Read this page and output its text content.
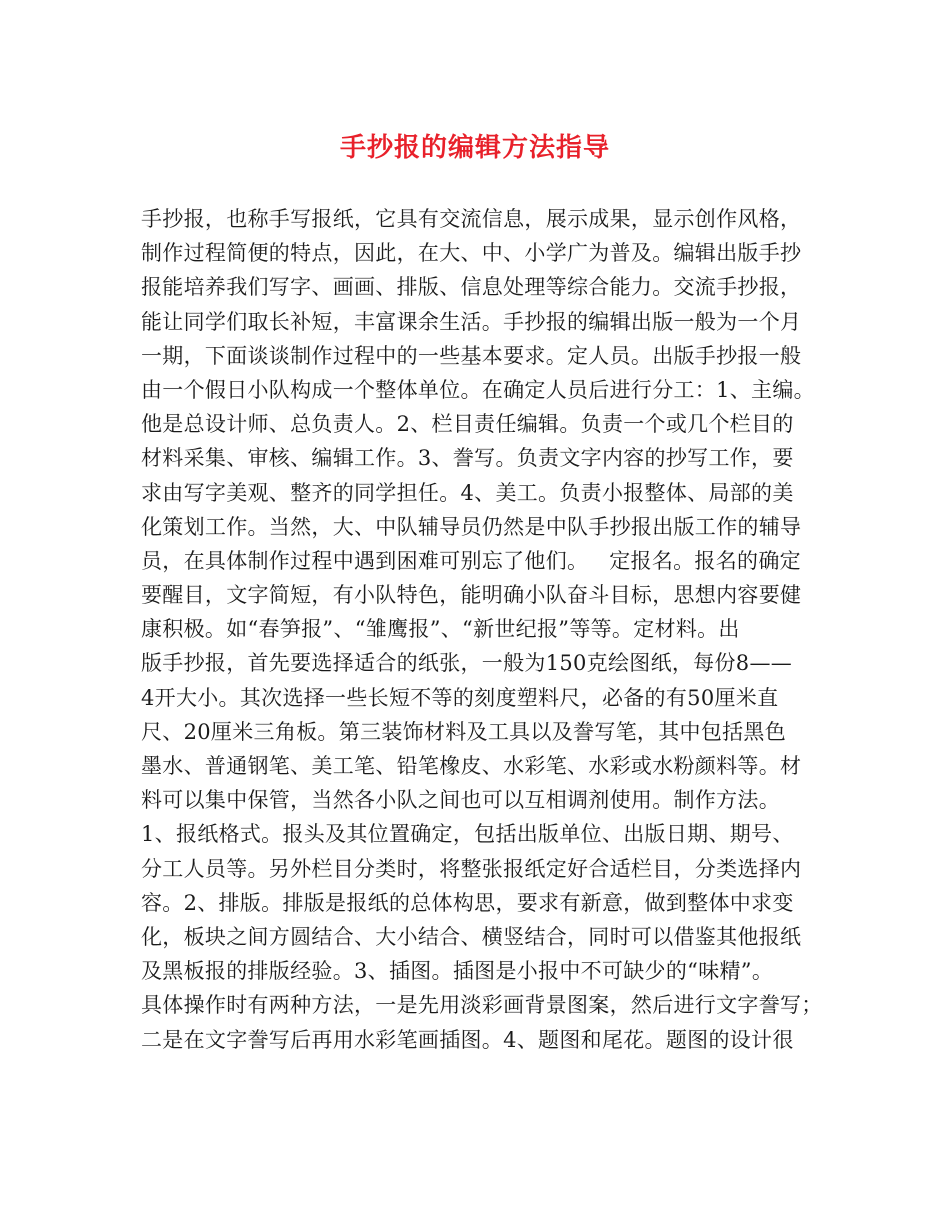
手抄报的编辑方法指导
手抄报，也称手写报纸，它具有交流信息，展示成果，显示创作风格，
制作过程简便的特点，因此，在大、中、小学广为普及。编辑出版手抄
报能培养我们写字、画画、排版、信息处理等综合能力。交流手抄报，
能让同学们取长补短，丰富课余生活。手抄报的编辑出版一般为一个月
一期，下面谈谈制作过程中的一些基本要求。定人员。出版手抄报一般
由一个假日小队构成一个整体单位。在确定人员后进行分工：1、主编。
他是总设计师、总负责人。2、栏目责任编辑。负责一个或几个栏目的
材料采集、审核、编辑工作。3、誊写。负责文字内容的抄写工作，要
求由写字美观、整齐的同学担任。4、美工。负责小报整体、局部的美
化策划工作。当然，大、中队辅导员仍然是中队手抄报出版工作的辅导
员，在具体制作过程中遇到困难可别忘了他们。   定报名。报名的确定
要醒目，文字简短，有小队特色，能明确小队奋斗目标，思想内容要健
康积极。如“春笋报”、“雏鹰报”、“新世纪报”等等。定材料。出
版手抄报，首先要选择适合的纸张，一般为150克绘图纸，每份8——
4开大小。其次选择一些长短不等的刻度塑料尺，必备的有50厘米直
尺、20厘米三角板。第三装饰材料及工具以及誊写笔，其中包括黑色
墨水、普通钢笔、美工笔、铅笔橡皮、水彩笔、水彩或水粉颜料等。材
料可以集中保管，当然各小队之间也可以互相调剂使用。制作方法。
1、报纸格式。报头及其位置确定，包括出版单位、出版日期、期号、
分工人员等。另外栏目分类时，将整张报纸定好合适栏目，分类选择内
容。2、排版。排版是报纸的总体构思，要求有新意，做到整体中求变
化，板块之间方圆结合、大小结合、横竖结合，同时可以借鉴其他报纸
及黑板报的排版经验。3、插图。插图是小报中不可缺少的“味精”。
具体操作时有两种方法，一是先用淡彩画背景图案，然后进行文字誊写；
二是在文字誊写后再用水彩笔画插图。4、题图和尾花。题图的设计很
